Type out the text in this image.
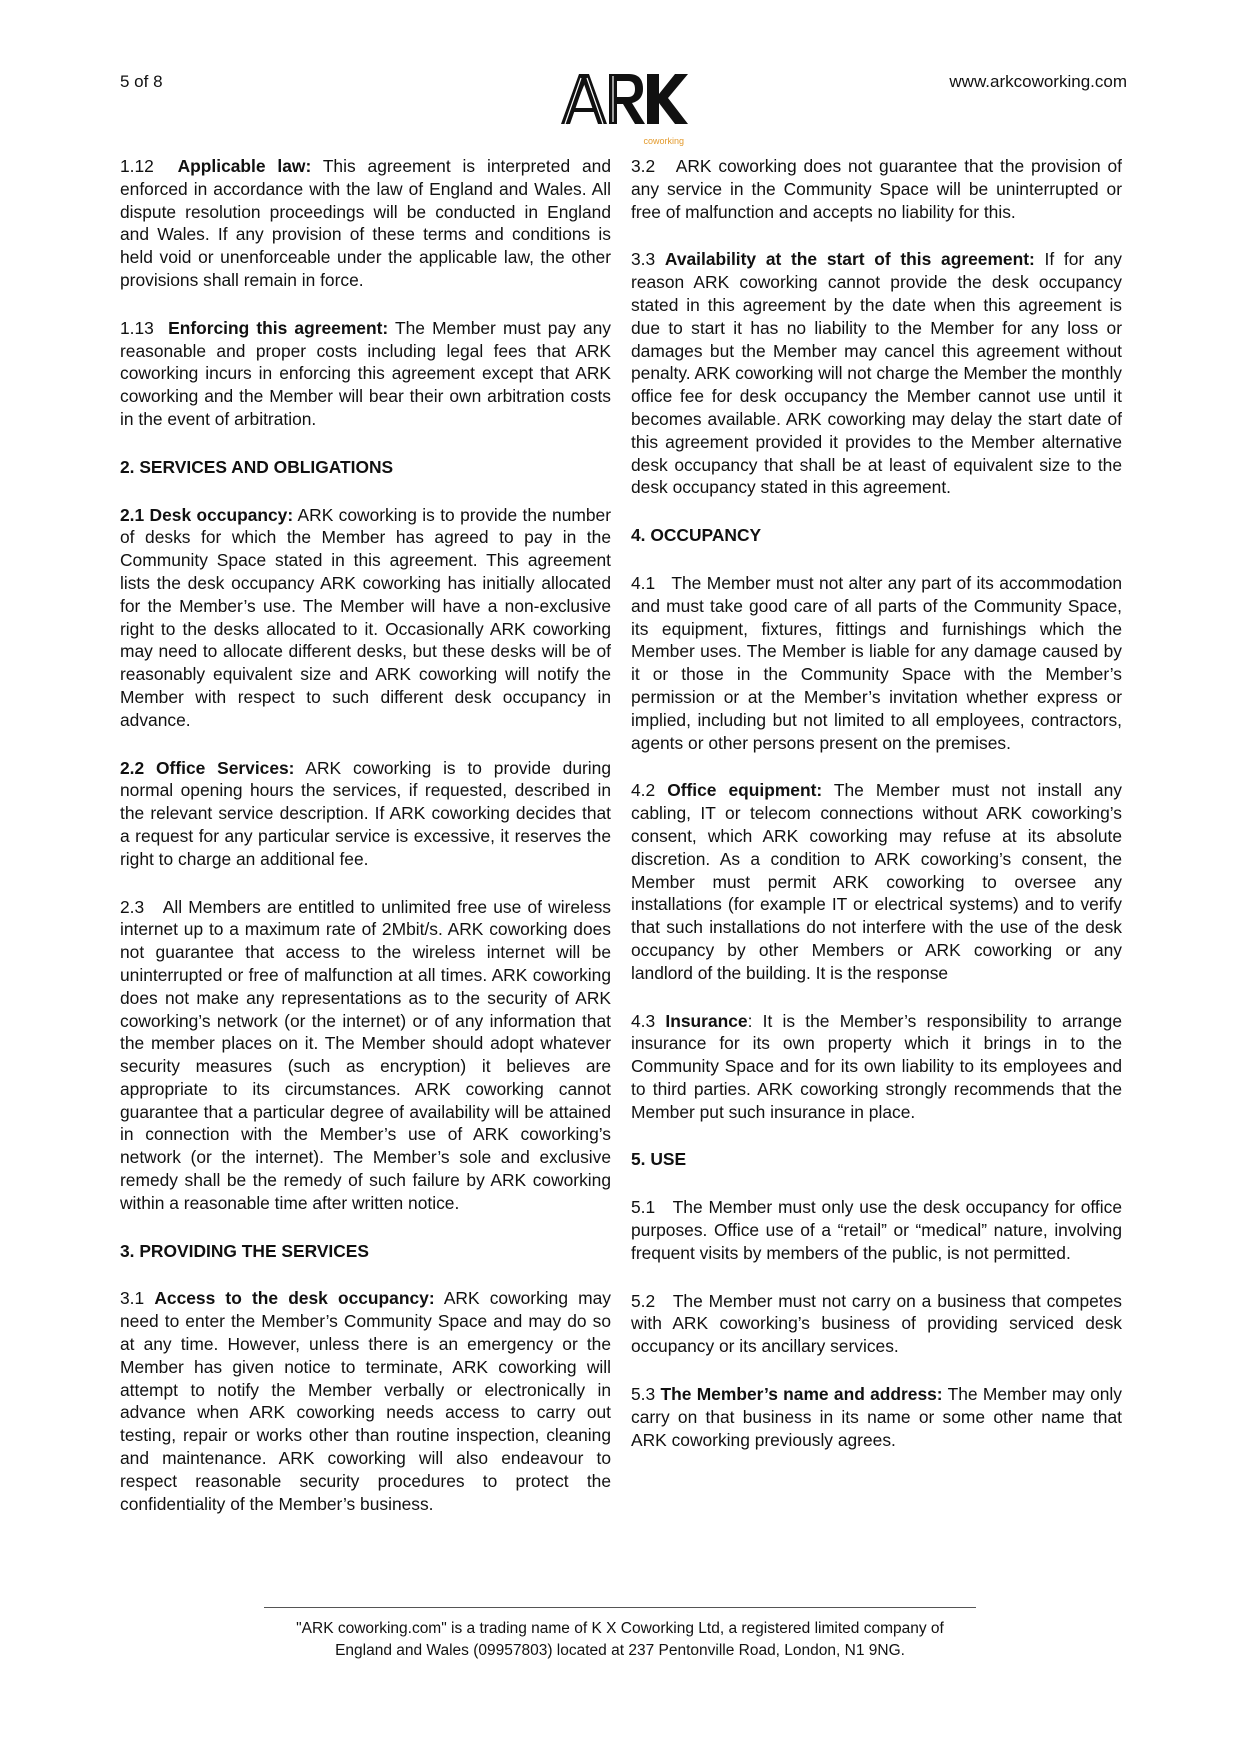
5 of 8
coworking
www.arkcoworking.com

1.12 Applicable law: This agreement is interpreted and enforced in accordance with the law of England and Wales. All dispute resolution proceedings will be conducted in England and Wales. If any provision of these terms and conditions is held void or unenforceable under the applicable law, the other provisions shall remain in force.

1.13 Enforcing this agreement: The Member must pay any reasonable and proper costs including legal fees that ARK coworking incurs in enforcing this agreement except that ARK coworking and the Member will bear their own arbitration costs in the event of arbitration.

2. SERVICES AND OBLIGATIONS

2.1 Desk occupancy: ARK coworking is to provide the number of desks for which the Member has agreed to pay in the Community Space stated in this agreement. This agreement lists the desk occupancy ARK coworking has initially allocated for the Member’s use. The Member will have a non-exclusive right to the desks allocated to it. Occasionally ARK coworking may need to allocate different desks, but these desks will be of reasonably equivalent size and ARK coworking will notify the Member with respect to such different desk occupancy in advance.

2.2 Office Services: ARK coworking is to provide during normal opening hours the services, if requested, described in the relevant service description. If ARK coworking decides that a request for any particular service is excessive, it reserves the right to charge an additional fee.

2.3 All Members are entitled to unlimited free use of wireless internet up to a maximum rate of 2Mbit/s. ARK coworking does not guarantee that access to the wireless internet will be uninterrupted or free of malfunction at all times. ARK coworking does not make any representations as to the security of ARK coworking’s network (or the internet) or of any information that the member places on it. The Member should adopt whatever security measures (such as encryption) it believes are appropriate to its circumstances. ARK coworking cannot guarantee that a particular degree of availability will be attained in connection with the Member’s use of ARK coworking’s network (or the internet). The Member’s sole and exclusive remedy shall be the remedy of such failure by ARK coworking within a reasonable time after written notice.

3. PROVIDING THE SERVICES

3.1 Access to the desk occupancy: ARK coworking may need to enter the Member’s Community Space and may do so at any time. However, unless there is an emergency or the Member has given notice to terminate, ARK coworking will attempt to notify the Member verbally or electronically in advance when ARK coworking needs access to carry out testing, repair or works other than routine inspection, cleaning and maintenance. ARK coworking will also endeavour to respect reasonable security procedures to protect the confidentiality of the Member’s business.

3.2 ARK coworking does not guarantee that the provision of any service in the Community Space will be uninterrupted or free of malfunction and accepts no liability for this.

3.3 Availability at the start of this agreement: If for any reason ARK coworking cannot provide the desk occupancy stated in this agreement by the date when this agreement is due to start it has no liability to the Member for any loss or damages but the Member may cancel this agreement without penalty. ARK coworking will not charge the Member the monthly office fee for desk occupancy the Member cannot use until it becomes available. ARK coworking may delay the start date of this agreement provided it provides to the Member alternative desk occupancy that shall be at least of equivalent size to the desk occupancy stated in this agreement.

4. OCCUPANCY

4.1 The Member must not alter any part of its accommodation and must take good care of all parts of the Community Space, its equipment, fixtures, fittings and furnishings which the Member uses. The Member is liable for any damage caused by it or those in the Community Space with the Member’s permission or at the Member’s invitation whether express or implied, including but not limited to all employees, contractors, agents or other persons present on the premises.

4.2 Office equipment: The Member must not install any cabling, IT or telecom connections without ARK coworking’s consent, which ARK coworking may refuse at its absolute discretion. As a condition to ARK coworking’s consent, the Member must permit ARK coworking to oversee any installations (for example IT or electrical systems) and to verify that such installations do not interfere with the use of the desk occupancy by other Members or ARK coworking or any landlord of the building. It is the response

4.3 Insurance: It is the Member’s responsibility to arrange insurance for its own property which it brings in to the Community Space and for its own liability to its employees and to third parties. ARK coworking strongly recommends that the Member put such insurance in place.

5. USE

5.1 The Member must only use the desk occupancy for office purposes. Office use of a “retail” or “medical” nature, involving frequent visits by members of the public, is not permitted.

5.2 The Member must not carry on a business that competes with ARK coworking’s business of providing serviced desk occupancy or its ancillary services.

5.3 The Member’s name and address: The Member may only carry on that business in its name or some other name that ARK coworking previously agrees.

"ARK coworking.com" is a trading name of K X Coworking Ltd, a registered limited company of
England and Wales (09957803) located at 237 Pentonville Road, London, N1 9NG.
